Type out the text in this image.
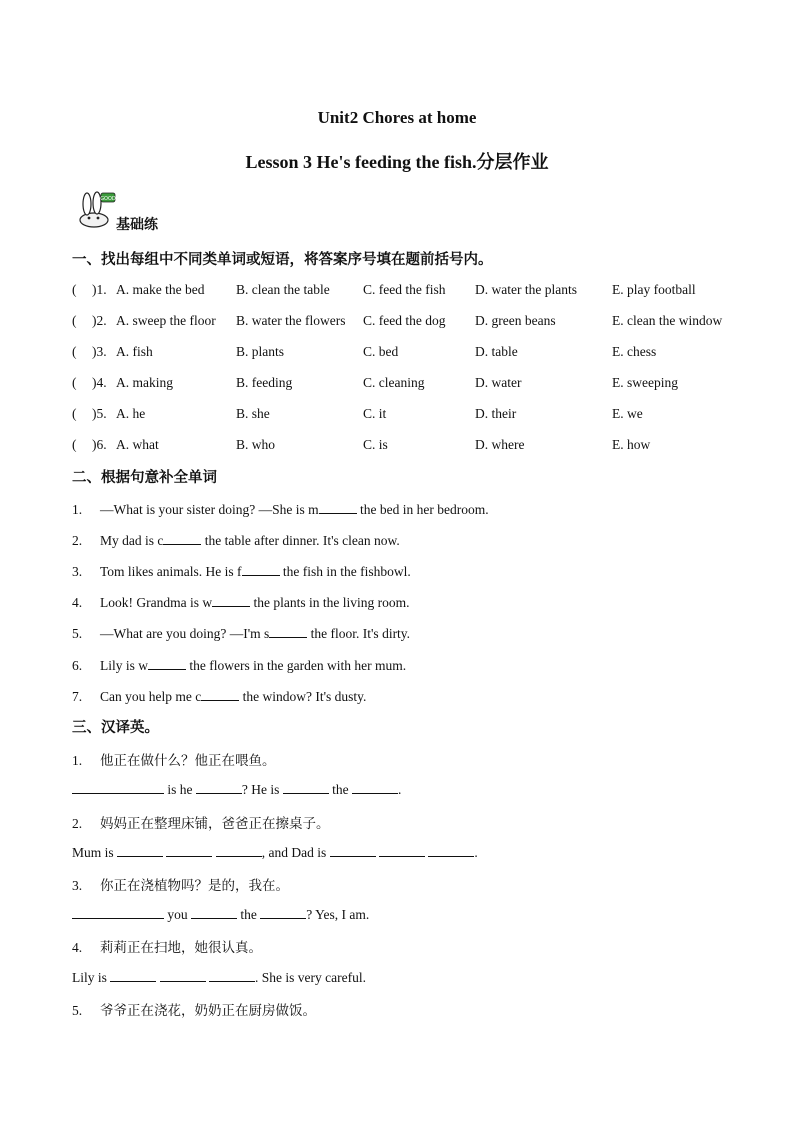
Unit2 Chores at home
Lesson 3 He's feeding the fish.分层作业
GOOD
基础练
一、找出每组中不同类单词或短语，将答案序号填在题前括号内。
( )1. A. make the bed B. clean the table C. feed the fish D. water the plants	E. play football
( )2. A. sweep the floor B. water the flowers C. feed the dog D. green beans	E. clean the window
( )3. A. fish	B. plants	C. bed	D. table	E. chess
( )4. A. making	B. feeding	C. cleaning	D. water	E. sweeping
( )5. A. he	B. she	C. it	D. their	E. we
( )6. A. what	B. who	C. is	D. where	E. how
二、根据句意补全单词
1. —What is your sister doing? —She is m	the bed in her bedroom.
2. My dad is c	the table after dinner. It's clean now.
3. Tom likes animals. He is f	the fish in the fishbowl.
4. Look! Grandma is w	the plants in the living room.
5. —What are you doing? —I'm s	the floor. It's dirty.
6. Lily is w	the flowers in the garden with her mum.
7. Can you help me c	the window? It's dusty.
三、汉译英。
1. 他正在做什么？他正在喂鱼。
is he	? He is	the	.
2. 妈妈正在整理床铺，爸爸正在擦桌子。
Mum is	, and Dad is	.
3. 你正在浇植物吗？是的，我在。
you	the	? Yes, I am.
4. 莉莉正在扫地，她很认真。
Lily is	. She is very careful.
5. 爷爷正在浇花，奶奶正在厨房做饭。
